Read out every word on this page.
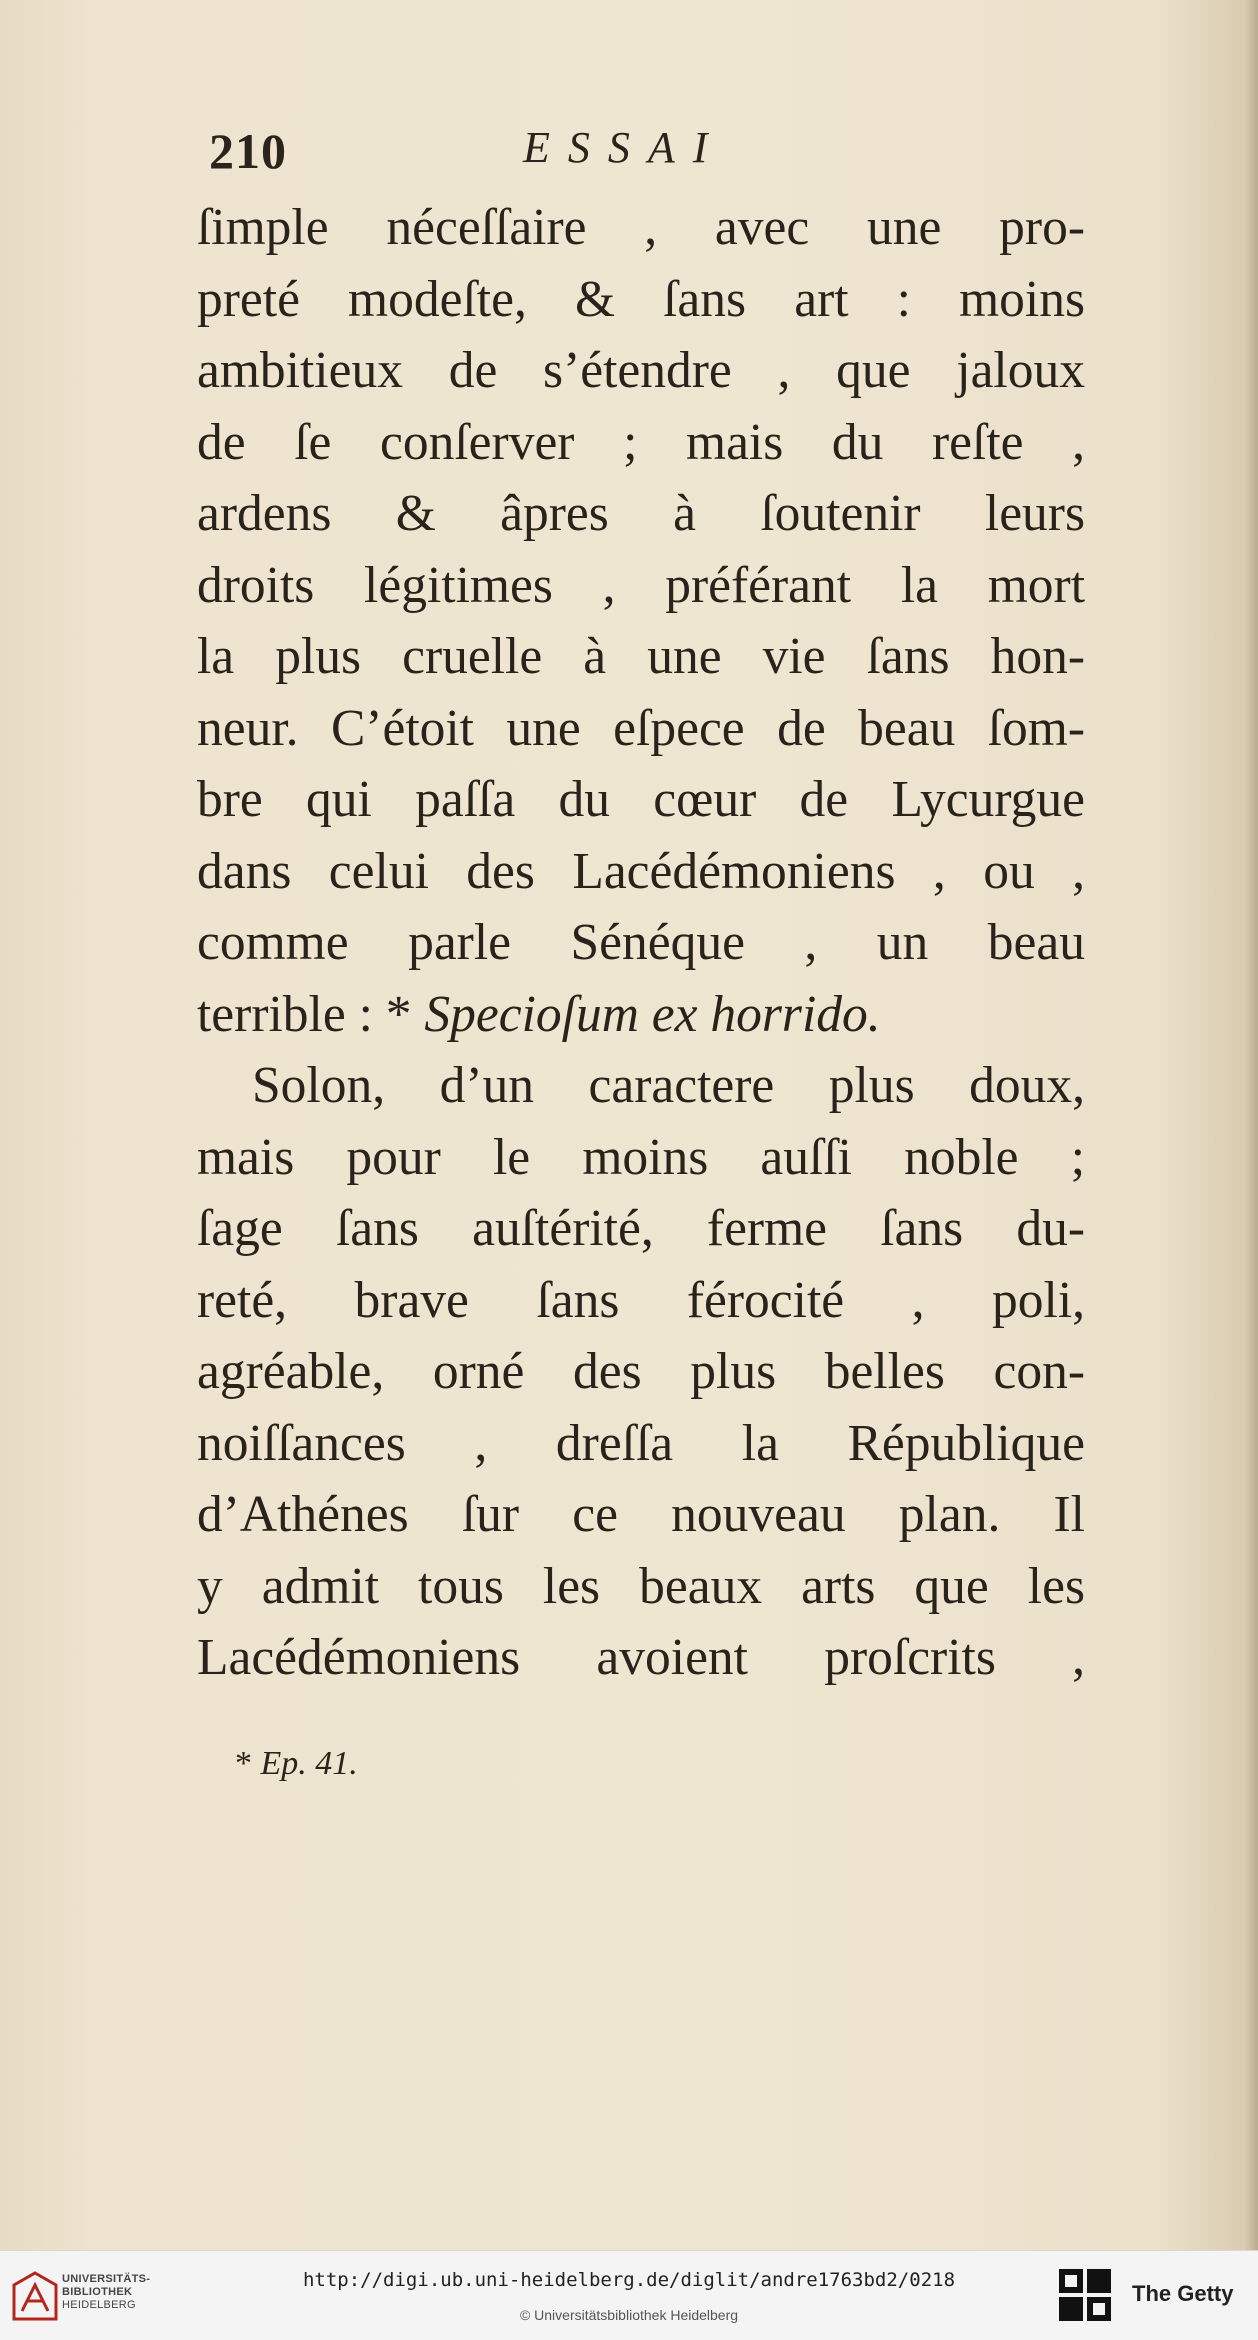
210	ESSAI
ſimple néceſſaire , avec une pro-
preté modeſte, & ſans art : moins
ambitieux de s’étendre , que jaloux
de ſe conſerver ; mais du reſte ,
ardens & âpres à ſoutenir leurs
droits légitimes , préférant la mort
la plus cruelle à une vie ſans hon-
neur. C’étoit une eſpece de beau ſom-
bre qui paſſa du cœur de Lycurgue
dans celui des Lacédémoniens , ou ,
comme parle Sénéque , un beau
terrible : * Specioſum ex horrido.
Solon, d’un caractere plus doux,
mais pour le moins auſſi noble ;
ſage ſans auſtérité, ferme ſans du-
reté, brave ſans férocité , poli,
agréable, orné des plus belles con-
noiſſances , dreſſa la République
d’Athénes ſur ce nouveau plan. Il
y admit tous les beaux arts que les
Lacédémoniens avoient proſcrits ,
* Ep. 41.
UNIVERSITÄTS-
BIBLIOTHEK
HEIDELBERG
http://digi.ub.uni-heidelberg.de/diglit/andre1763bd2/0218
© Universitätsbibliothek Heidelberg
The Getty
